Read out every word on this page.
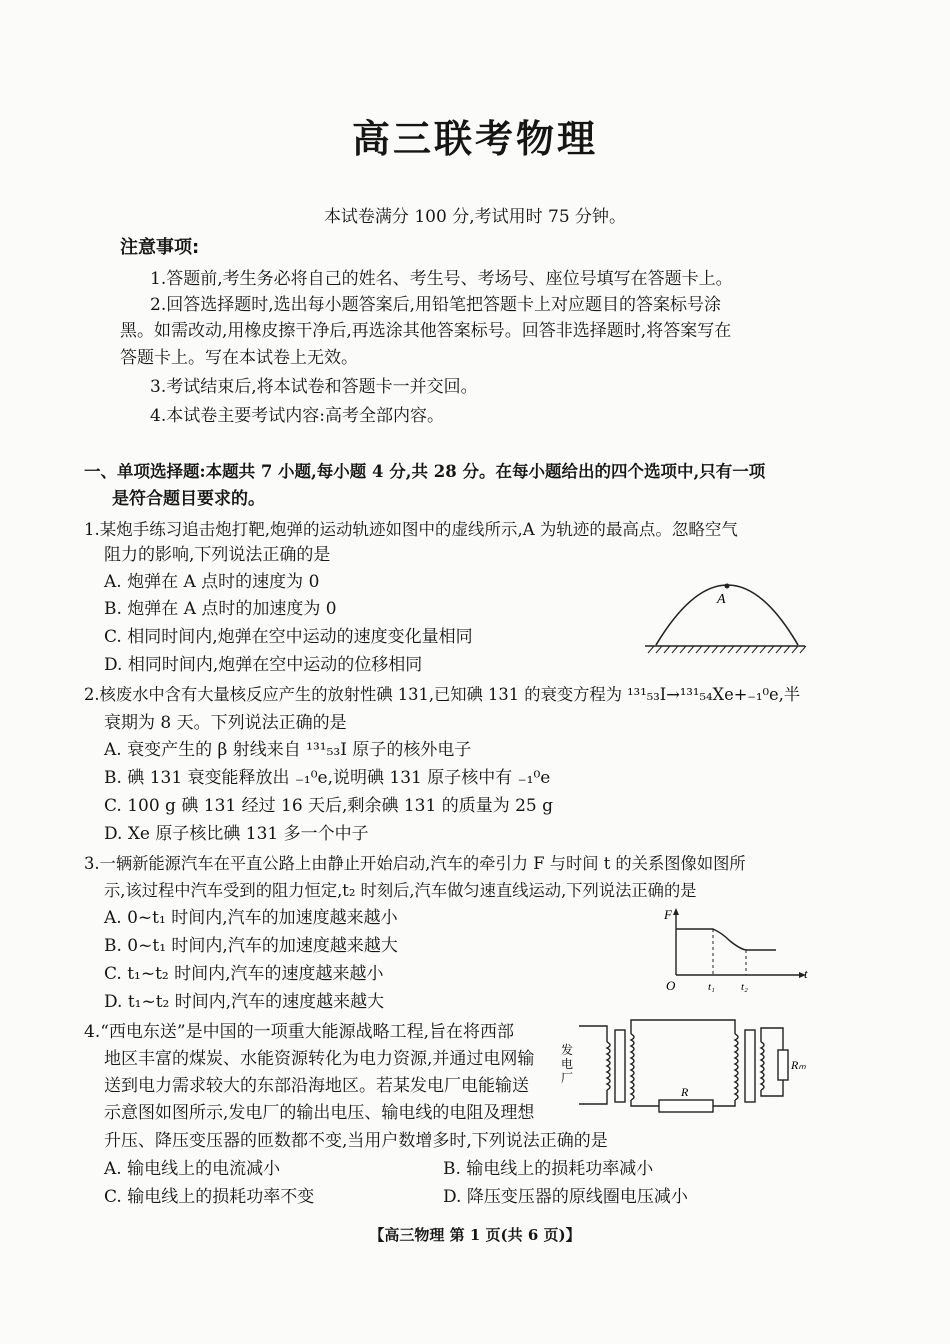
高三联考物理
本试卷满分 100 分,考试用时 75 分钟。
注意事项:
1.答题前,考生务必将自己的姓名、考生号、考场号、座位号填写在答题卡上。
2.回答选择题时,选出每小题答案后,用铅笔把答题卡上对应题目的答案标号涂
黑。如需改动,用橡皮擦干净后,再选涂其他答案标号。回答非选择题时,将答案写在
答题卡上。写在本试卷上无效。
3.考试结束后,将本试卷和答题卡一并交回。
4.本试卷主要考试内容:高考全部内容。
一、单项选择题:本题共 7 小题,每小题 4 分,共 28 分。在每小题给出的四个选项中,只有一项
是符合题目要求的。
1.某炮手练习追击炮打靶,炮弹的运动轨迹如图中的虚线所示,A 为轨迹的最高点。忽略空气
阻力的影响,下列说法正确的是
A. 炮弹在 A 点时的速度为 0
B. 炮弹在 A 点时的加速度为 0
C. 相同时间内,炮弹在空中运动的速度变化量相同
D. 相同时间内,炮弹在空中运动的位移相同
A
2.核废水中含有大量核反应产生的放射性碘 131,已知碘 131 的衰变方程为 ¹³¹₅₃I→¹³¹₅₄Xe+₋₁⁰e,半
衰期为 8 天。下列说法正确的是
A. 衰变产生的 β 射线来自 ¹³¹₅₃I 原子的核外电子
B. 碘 131 衰变能释放出 ₋₁⁰e,说明碘 131 原子核中有 ₋₁⁰e
C. 100 g 碘 131 经过 16 天后,剩余碘 131 的质量为 25 g
D. Xe 原子核比碘 131 多一个中子
3.一辆新能源汽车在平直公路上由静止开始启动,汽车的牵引力 F 与时间 t 的关系图像如图所
示,该过程中汽车受到的阻力恒定,t₂ 时刻后,汽车做匀速直线运动,下列说法正确的是
A. 0~t₁ 时间内,汽车的加速度越来越小
B. 0~t₁ 时间内,汽车的加速度越来越大
C. t₁~t₂ 时间内,汽车的速度越来越小
D. t₁~t₂ 时间内,汽车的速度越来越大
F
t
O	t₁ t₂
4.“西电东送”是中国的一项重大能源战略工程,旨在将西部
地区丰富的煤炭、水能资源转化为电力资源,并通过电网输
送到电力需求较大的东部沿海地区。若某发电厂电能输送
示意图如图所示,发电厂的输出电压、输电线的电阻及理想
升压、降压变压器的匝数都不变,当用户数增多时,下列说法正确的是
A. 输电线上的电流减小	B. 输电线上的损耗功率减小
C. 输电线上的损耗功率不变	D. 降压变压器的原线圈电压减小
发
电
厂
R
Rₘ
【高三物理 第 1 页(共 6 页)】
